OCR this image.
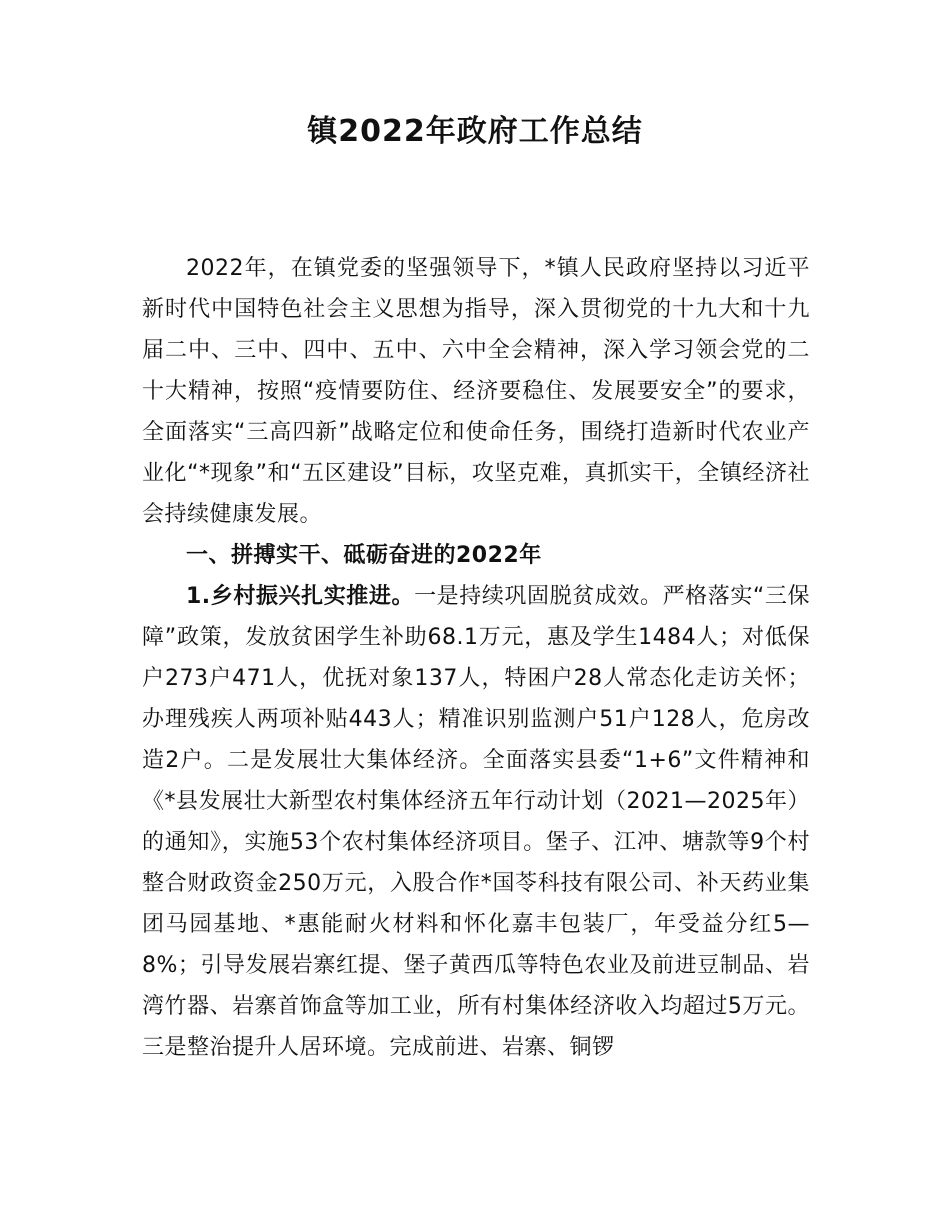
镇2022年政府工作总结

2022年，在镇党委的坚强领导下，*镇人民政府坚持以习近平新时代中国特色社会主义思想为指导，深入贯彻党的十九大和十九届二中、三中、四中、五中、六中全会精神，深入学习领会党的二十大精神，按照“疫情要防住、经济要稳住、发展要安全”的要求，全面落实“三高四新”战略定位和使命任务，围绕打造新时代农业产业化“*现象”和“五区建设”目标，攻坚克难，真抓实干，全镇经济社会持续健康发展。

一、拼搏实干、砥砺奋进的2022年

1.乡村振兴扎实推进。一是持续巩固脱贫成效。严格落实“三保障”政策，发放贫困学生补助68.1万元，惠及学生1484人；对低保户273户471人，优抚对象137人，特困户28人常态化走访关怀；办理残疾人两项补贴443人；精准识别监测户51户128人，危房改造2户。二是发展壮大集体经济。全面落实县委“1+6”文件精神和《*县发展壮大新型农村集体经济五年行动计划（2021—2025年）的通知》，实施53个农村集体经济项目。堡子、江冲、塘款等9个村整合财政资金250万元，入股合作*国苓科技有限公司、补天药业集团马园基地、*惠能耐火材料和怀化嘉丰包装厂，年受益分红5—8%；引导发展岩寨红提、堡子黄西瓜等特色农业及前进豆制品、岩湾竹器、岩寨首饰盒等加工业，所有村集体经济收入均超过5万元。三是整治提升人居环境。完成前进、岩寨、铜锣
